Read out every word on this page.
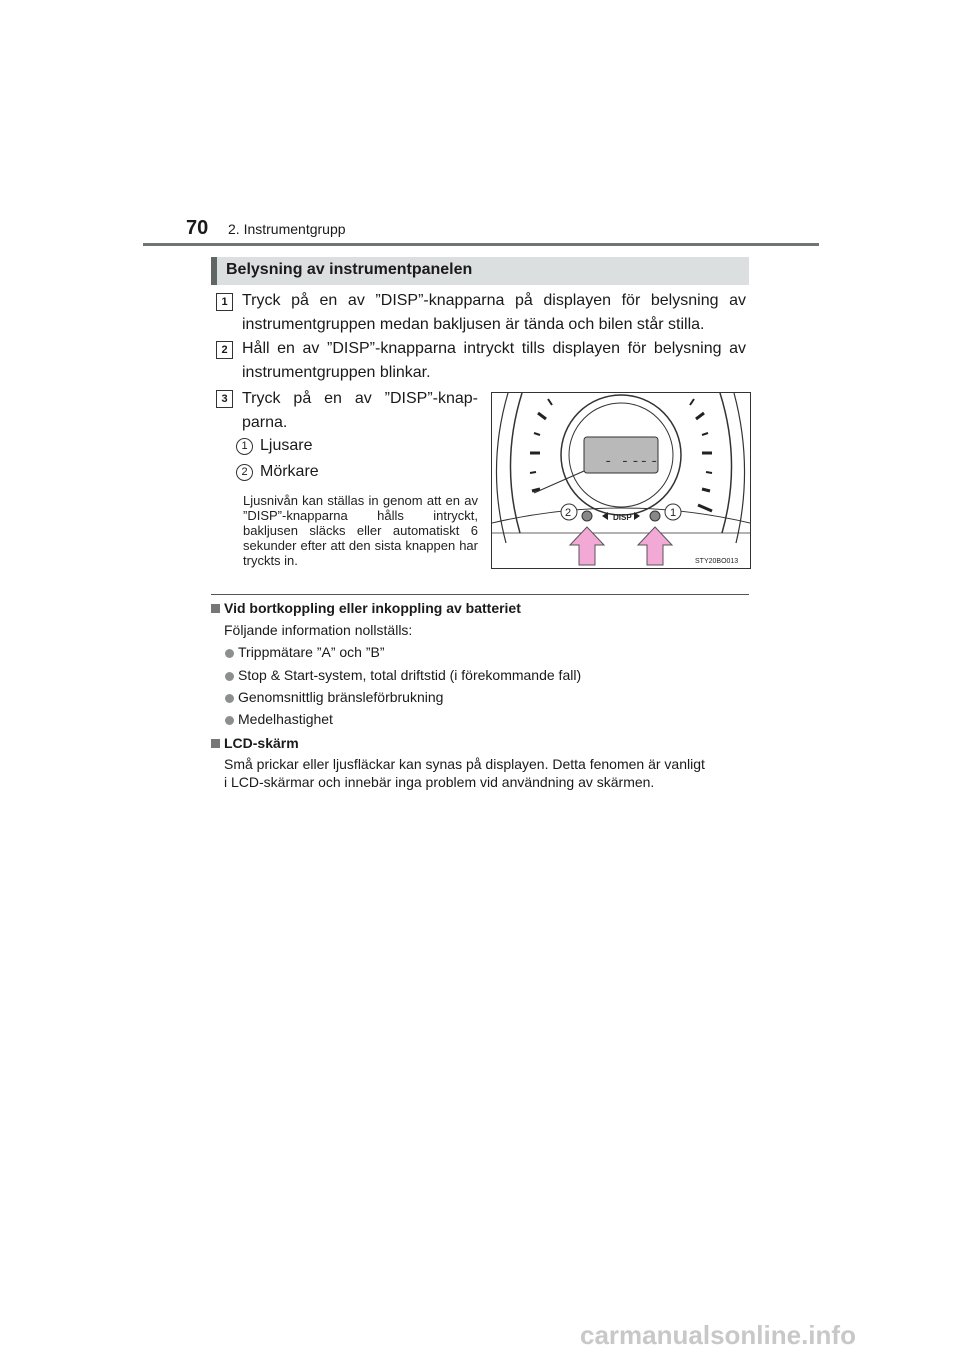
70 2. Instrumentgrupp
Belysning av instrumentpanelen
1 Tryck på en av ”DISP”-knapparna på displayen för belysning av instrumentgruppen medan bakljusen är tända och bilen står stilla.
2 Håll en av ”DISP”-knapparna intryckt tills displayen för belysning av instrumentgruppen blinkar.
3 Tryck på en av ”DISP”-knap-parna.
1 Ljusare
2 Mörkare
Ljusnivån kan ställas in genom att en av ”DISP”-knapparna hålls intryckt, bakljusen släcks eller automatiskt 6 sekunder efter att den sista knappen har tryckts in.
- - -- -
DISP
2	1
STY20BO013
Vid bortkoppling eller inkoppling av batteriet
Följande information nollställs:
Trippmätare ”A” och ”B”
Stop & Start-system, total driftstid (i förekommande fall)
Genomsnittlig bränsleförbrukning
Medelhastighet
LCD-skärm
Små prickar eller ljusfläckar kan synas på displayen. Detta fenomen är vanligt
i LCD-skärmar och innebär inga problem vid användning av skärmen.
carmanualsonline.info
